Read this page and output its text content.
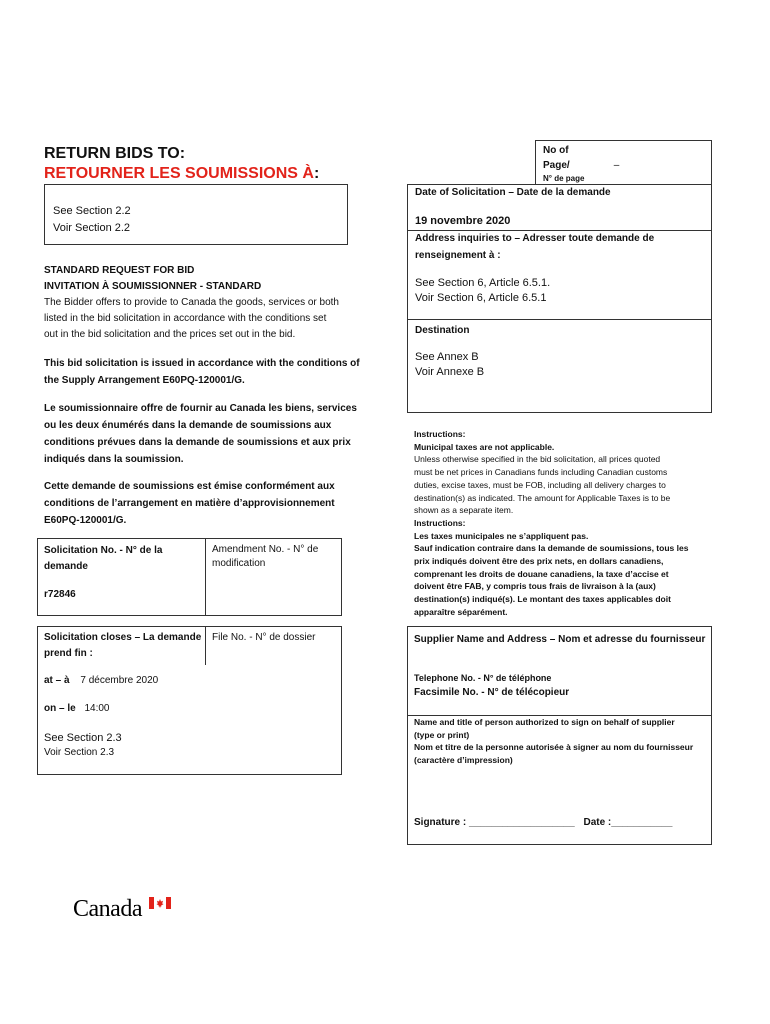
RETURN BIDS TO:
RETOURNER LES SOUMISSIONS À:
See Section 2.2
Voir Section 2.2
STANDARD REQUEST FOR BID
INVITATION À SOUMISSIONNER - STANDARD
The Bidder offers to provide to Canada the goods, services or both
listed in the bid solicitation in accordance with the conditions set
out in the bid solicitation and the prices set out in the bid.
This bid solicitation is issued in accordance with the conditions of
the Supply Arrangement E60PQ-120001/G.
Le soumissionnaire offre de fournir au Canada les biens, services
ou les deux énumérés dans la demande de soumissions aux
conditions prévues dans la demande de soumissions et aux prix
indiqués dans la soumission.
Cette demande de soumissions est émise conformément aux
conditions de l’arrangement en matière d’approvisionnement
E60PQ-120001/G.
Solicitation No. - N° de la
demande
r72846
Amendment No. - N° de
modification
Solicitation closes – La demande
prend fin :
File No. - N° de dossier
at – à 7 décembre 2020
on – le 14:00
See Section 2.3
Voir Section 2.3
No of
Page/	–
N° de page
Date of Solicitation – Date de la demande
19 novembre 2020
Address inquiries to – Adresser toute demande de
renseignement à :
See Section 6, Article 6.5.1.
Voir Section 6, Article 6.5.1
Destination
See Annex B
Voir Annexe B
Instructions:
Municipal taxes are not applicable.
Unless otherwise specified in the bid solicitation, all prices quoted
must be net prices in Canadians funds including Canadian customs
duties, excise taxes, must be FOB, including all delivery charges to
destination(s) as indicated. The amount for Applicable Taxes is to be
shown as a separate item.
Instructions:
Les taxes municipales ne s’appliquent pas.
Sauf indication contraire dans la demande de soumissions, tous les
prix indiqués doivent être des prix nets, en dollars canadiens,
comprenant les droits de douane canadiens, la taxe d’accise et
doivent être FAB, y compris tous frais de livraison à la (aux)
destination(s) indiqué(s). Le montant des taxes applicables doit
apparaître séparément.
Supplier Name and Address – Nom et adresse du fournisseur
Telephone No. - N° de téléphone
Facsimile No. - N° de télécopieur
Name and title of person authorized to sign on behalf of supplier
(type or print)
Nom et titre de la personne autorisée à signer au nom du fournisseur
(caractère d’impression)
Signature : ___________________ Date :___________
Canada
